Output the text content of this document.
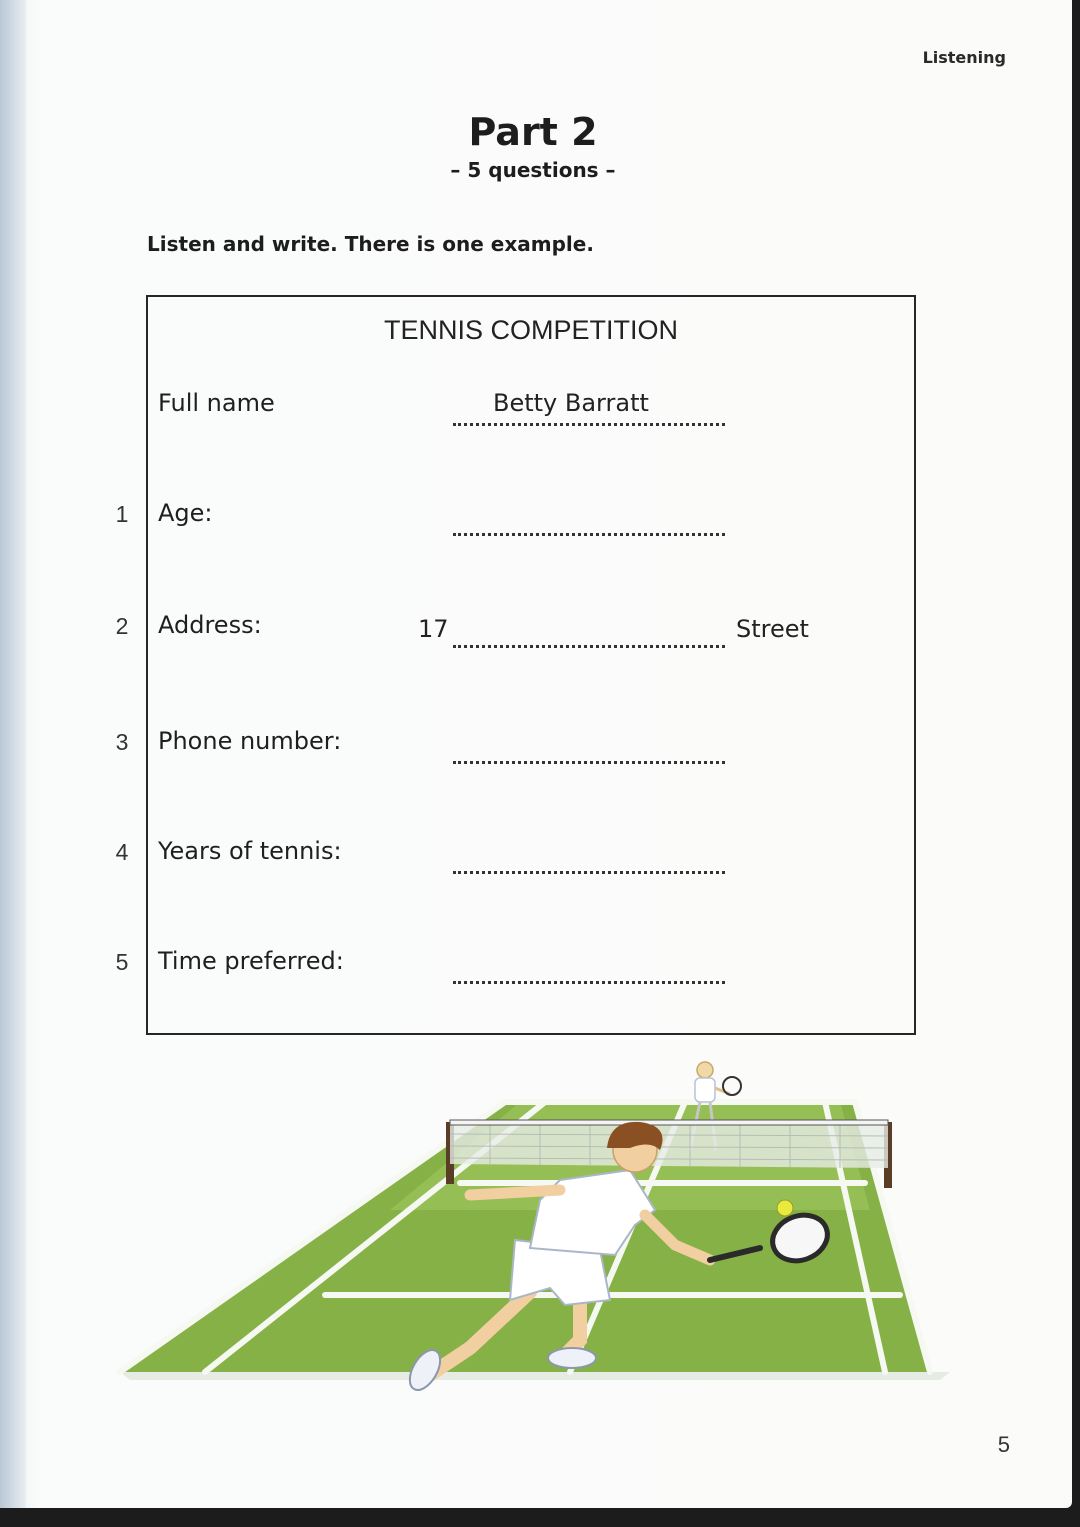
Listening
Part 2
– 5 questions –
Listen and write. There is one example.
TENNIS COMPETITION
Full name	Betty Barratt
1	Age:
2	Address:	17	Street
3	Phone number:
4	Years of tennis:
5	Time preferred:
5
